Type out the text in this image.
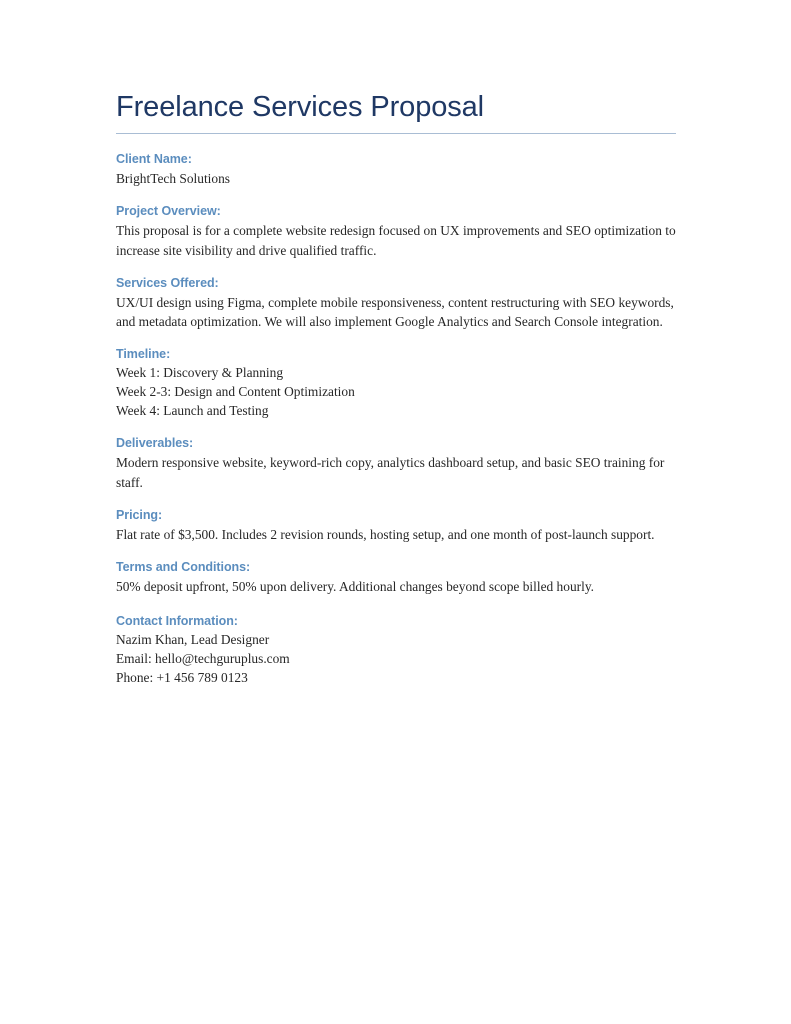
Freelance Services Proposal
Client Name:

BrightTech Solutions

Project Overview:

This proposal is for a complete website redesign focused on UX improvements and SEO optimization to increase site visibility and drive qualified traffic.

Services Offered:

UX/UI design using Figma, complete mobile responsiveness, content restructuring with SEO keywords, and metadata optimization. We will also implement Google Analytics and Search Console integration.

Timeline:

Week 1: Discovery & Planning
Week 2-3: Design and Content Optimization
Week 4: Launch and Testing

Deliverables:

Modern responsive website, keyword-rich copy, analytics dashboard setup, and basic SEO training for staff.

Pricing:

Flat rate of $3,500. Includes 2 revision rounds, hosting setup, and one month of post-launch support.

Terms and Conditions:

50% deposit upfront, 50% upon delivery. Additional changes beyond scope billed hourly.

Contact Information:

Nazim Khan, Lead Designer
Email: hello@techguruplus.com
Phone: +1 456 789 0123
